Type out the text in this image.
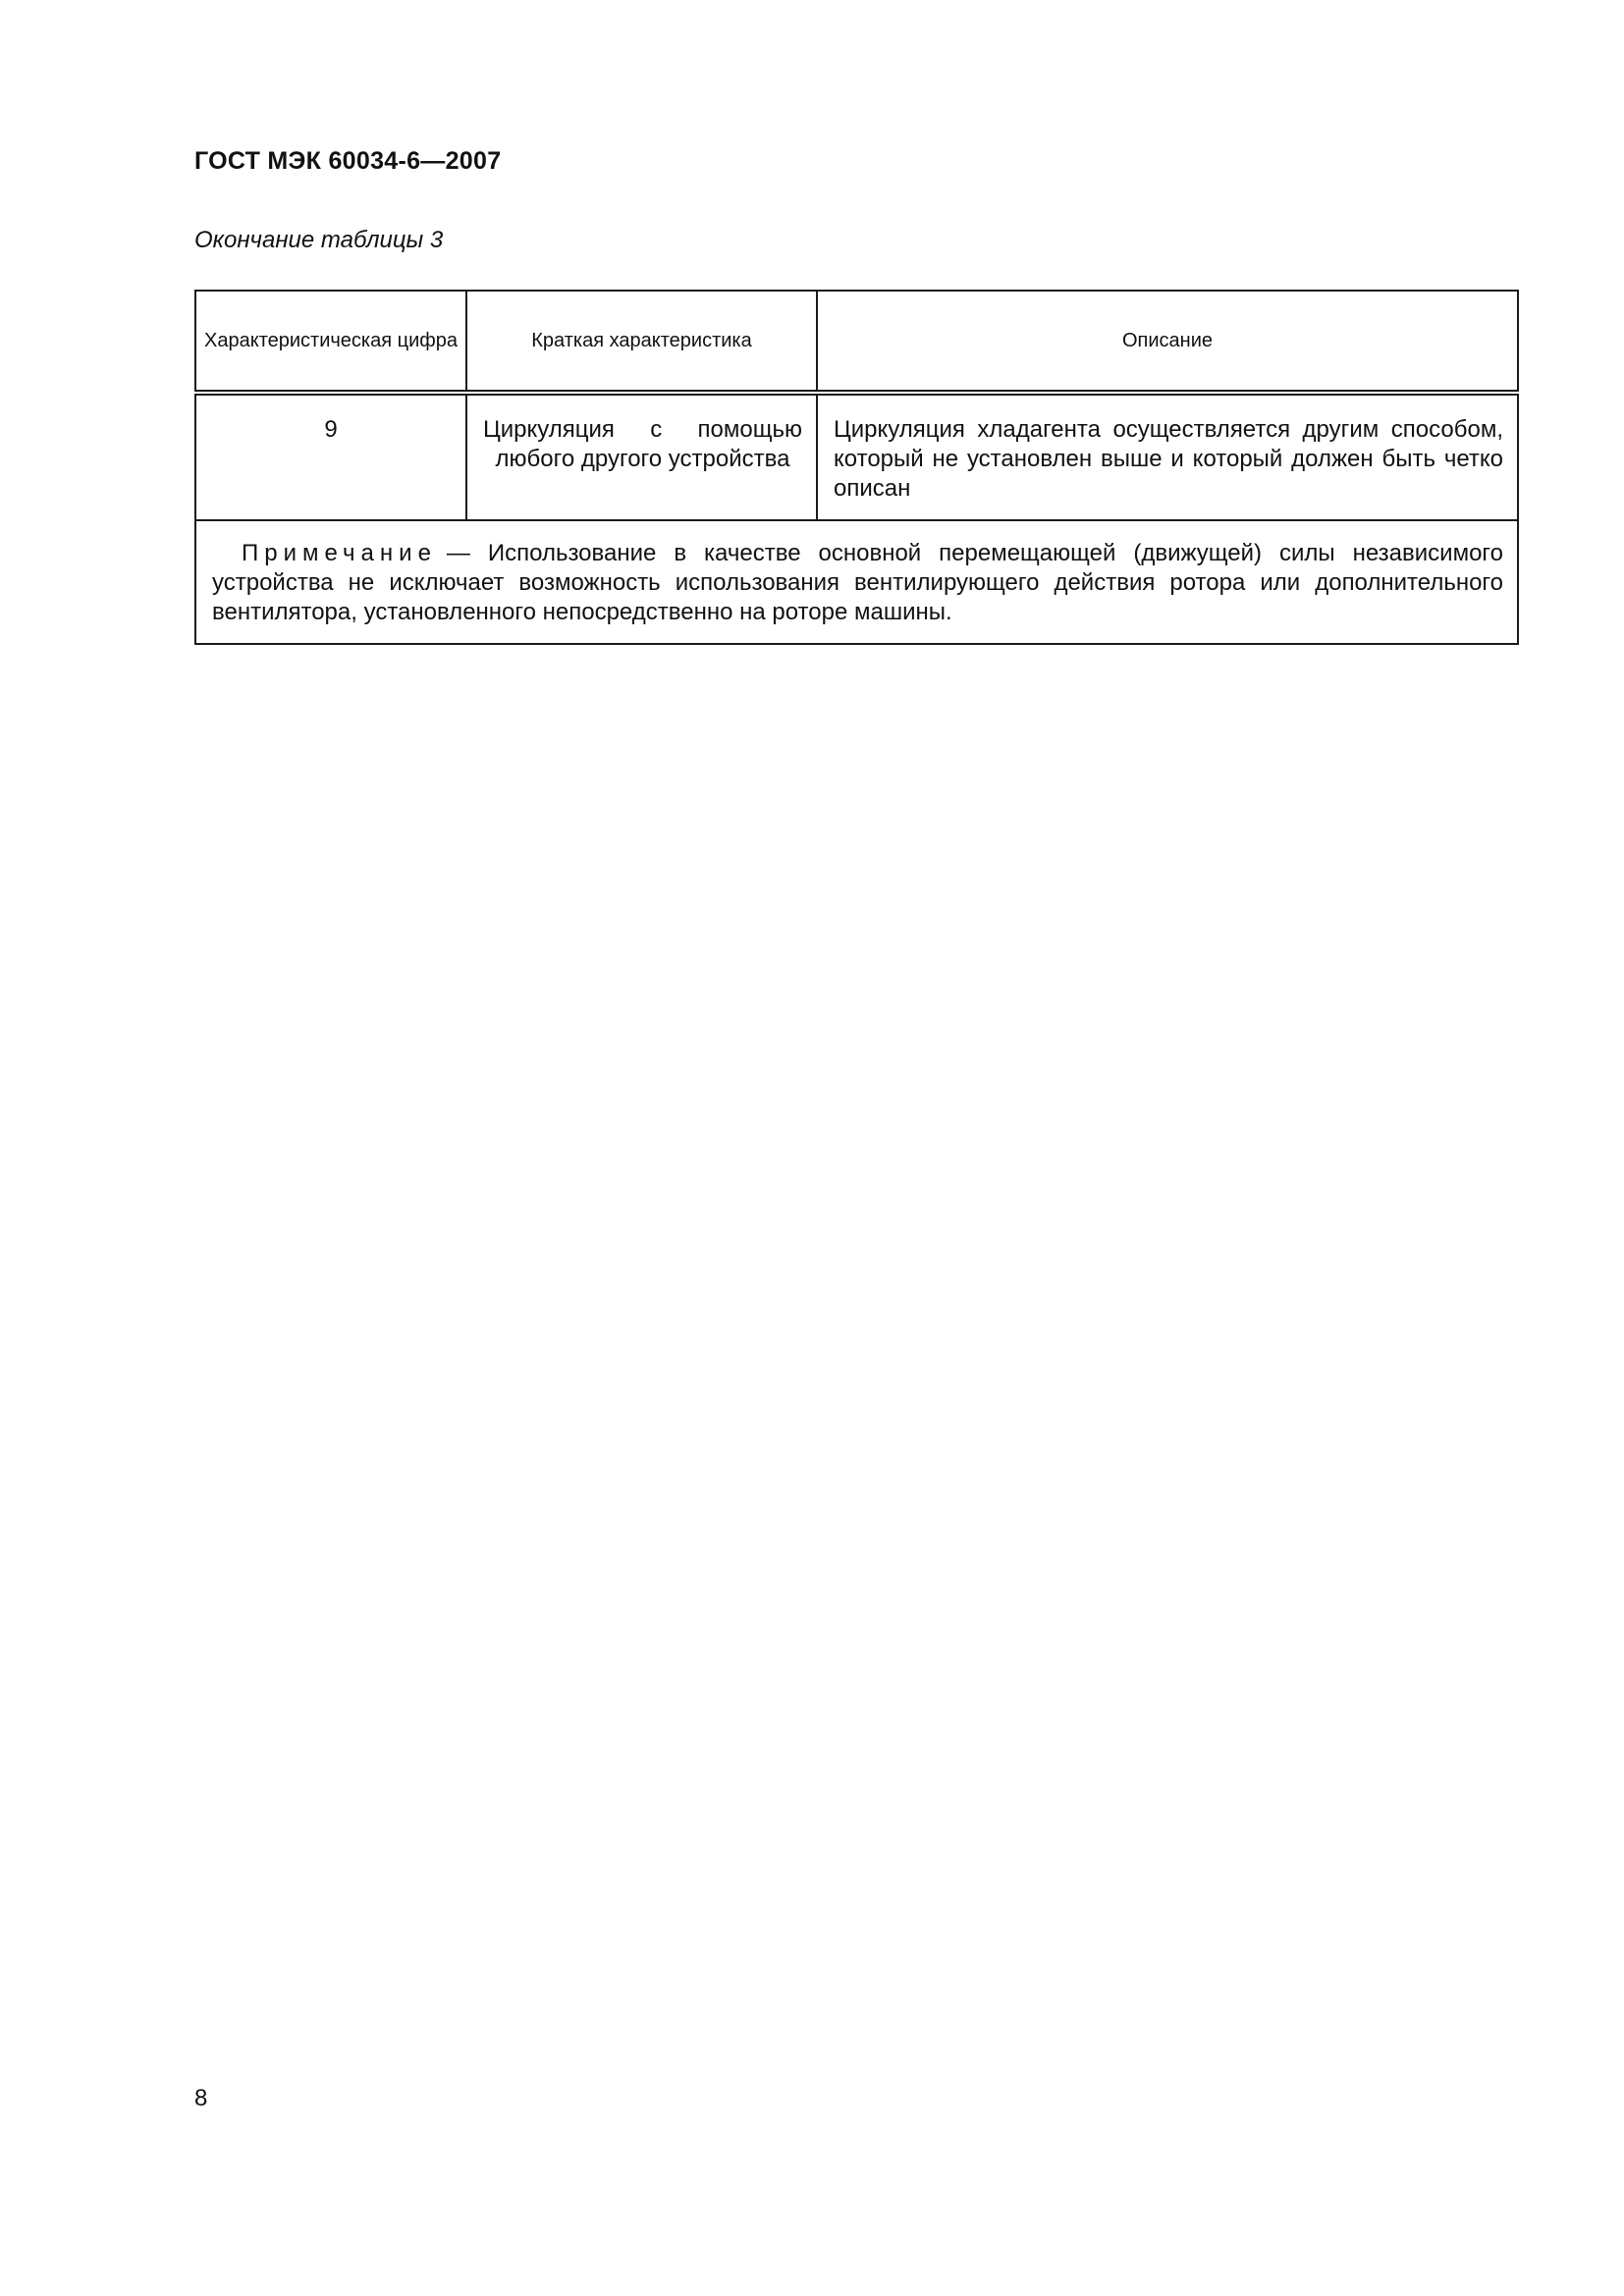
ГОСТ МЭК 60034-6—2007
Окончание таблицы 3
Характеристическая цифра	Краткая характеристика	Описание
9	Циркуляция с помощью любого другого устройства	Циркуляция хладагента осуществляется другим способом, который не установлен выше и который должен быть четко описан
Примечание — Использование в качестве основной перемещающей (движущей) силы независимого устройства не исключает возможность использования вентилирующего действия ротора или дополнительного вентилятора, установленного непосредственно на роторе машины.		
8
